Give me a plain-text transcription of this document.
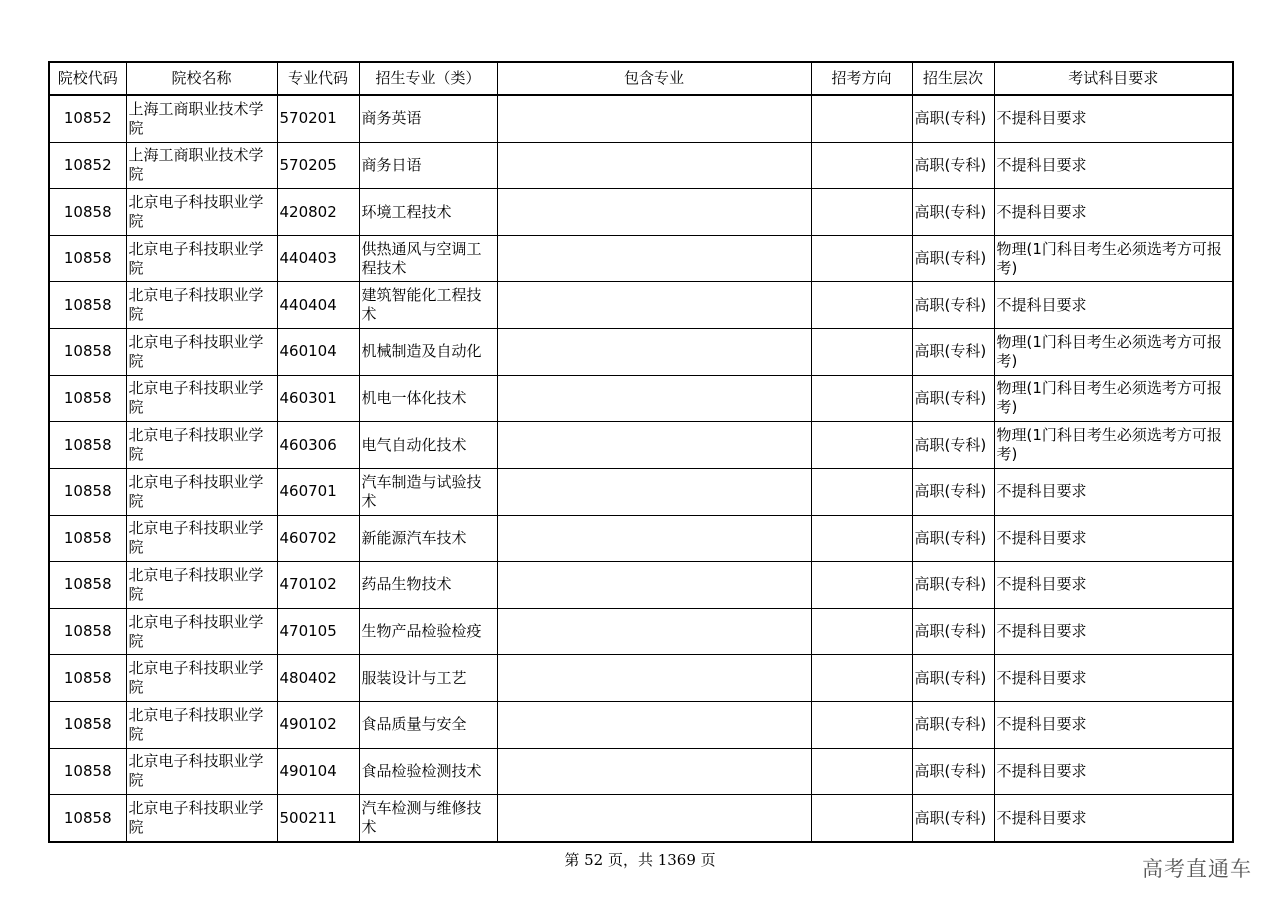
院校代码	院校名称	专业代码	招生专业（类）	包含专业	招考方向	招生层次	考试科目要求
10852	上海工商职业技术学院	570201	商务英语			高职(专科)	不提科目要求
10852	上海工商职业技术学院	570205	商务日语			高职(专科)	不提科目要求
10858	北京电子科技职业学院	420802	环境工程技术			高职(专科)	不提科目要求
10858	北京电子科技职业学院	440403	供热通风与空调工程技术			高职(专科)	物理(1门科目考生必须选考方可报考)
10858	北京电子科技职业学院	440404	建筑智能化工程技术			高职(专科)	不提科目要求
10858	北京电子科技职业学院	460104	机械制造及自动化			高职(专科)	物理(1门科目考生必须选考方可报考)
10858	北京电子科技职业学院	460301	机电一体化技术			高职(专科)	物理(1门科目考生必须选考方可报考)
10858	北京电子科技职业学院	460306	电气自动化技术			高职(专科)	物理(1门科目考生必须选考方可报考)
10858	北京电子科技职业学院	460701	汽车制造与试验技术			高职(专科)	不提科目要求
10858	北京电子科技职业学院	460702	新能源汽车技术			高职(专科)	不提科目要求
10858	北京电子科技职业学院	470102	药品生物技术			高职(专科)	不提科目要求
10858	北京电子科技职业学院	470105	生物产品检验检疫			高职(专科)	不提科目要求
10858	北京电子科技职业学院	480402	服装设计与工艺			高职(专科)	不提科目要求
10858	北京电子科技职业学院	490102	食品质量与安全			高职(专科)	不提科目要求
10858	北京电子科技职业学院	490104	食品检验检测技术			高职(专科)	不提科目要求
10858	北京电子科技职业学院	500211	汽车检测与维修技术			高职(专科)	不提科目要求
第 52 页，共 1369 页	高考直通车
